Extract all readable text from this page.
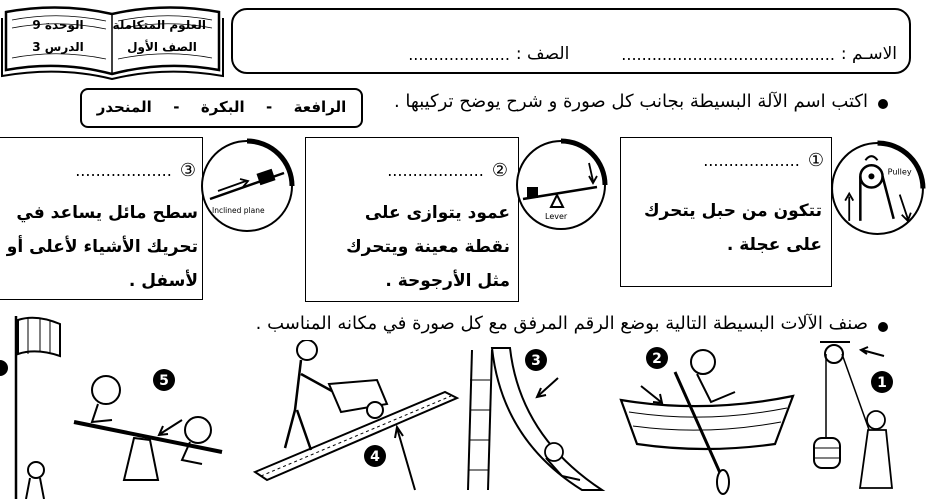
العلوم المتكاملة
الصف الأول
الوحدة 9
الدرس 3	الاسـم :
..........................................
الصف :
....................
اكتب اسم الآلة البسيطة بجانب كل صورة و شرح يوضح تركيبها .
الرافعة
-
البكرة
-
المنحدر
①
...................
تتكون من حبل يتحرك
على عجلة .
Pulley
②
...................
عمود يتوازى على
نقطة معينة ويتحرك
مثل الأرجوحة .
Lever
③
...................
سطح مائل يساعد في
تحريك الأشياء لأعلى أو
لأسفل .
Inclined plane
صنف الآلات البسيطة التالية بوضع الرقم المرفق مع كل صورة في مكانه المناسب .
1
2
3
4
5
